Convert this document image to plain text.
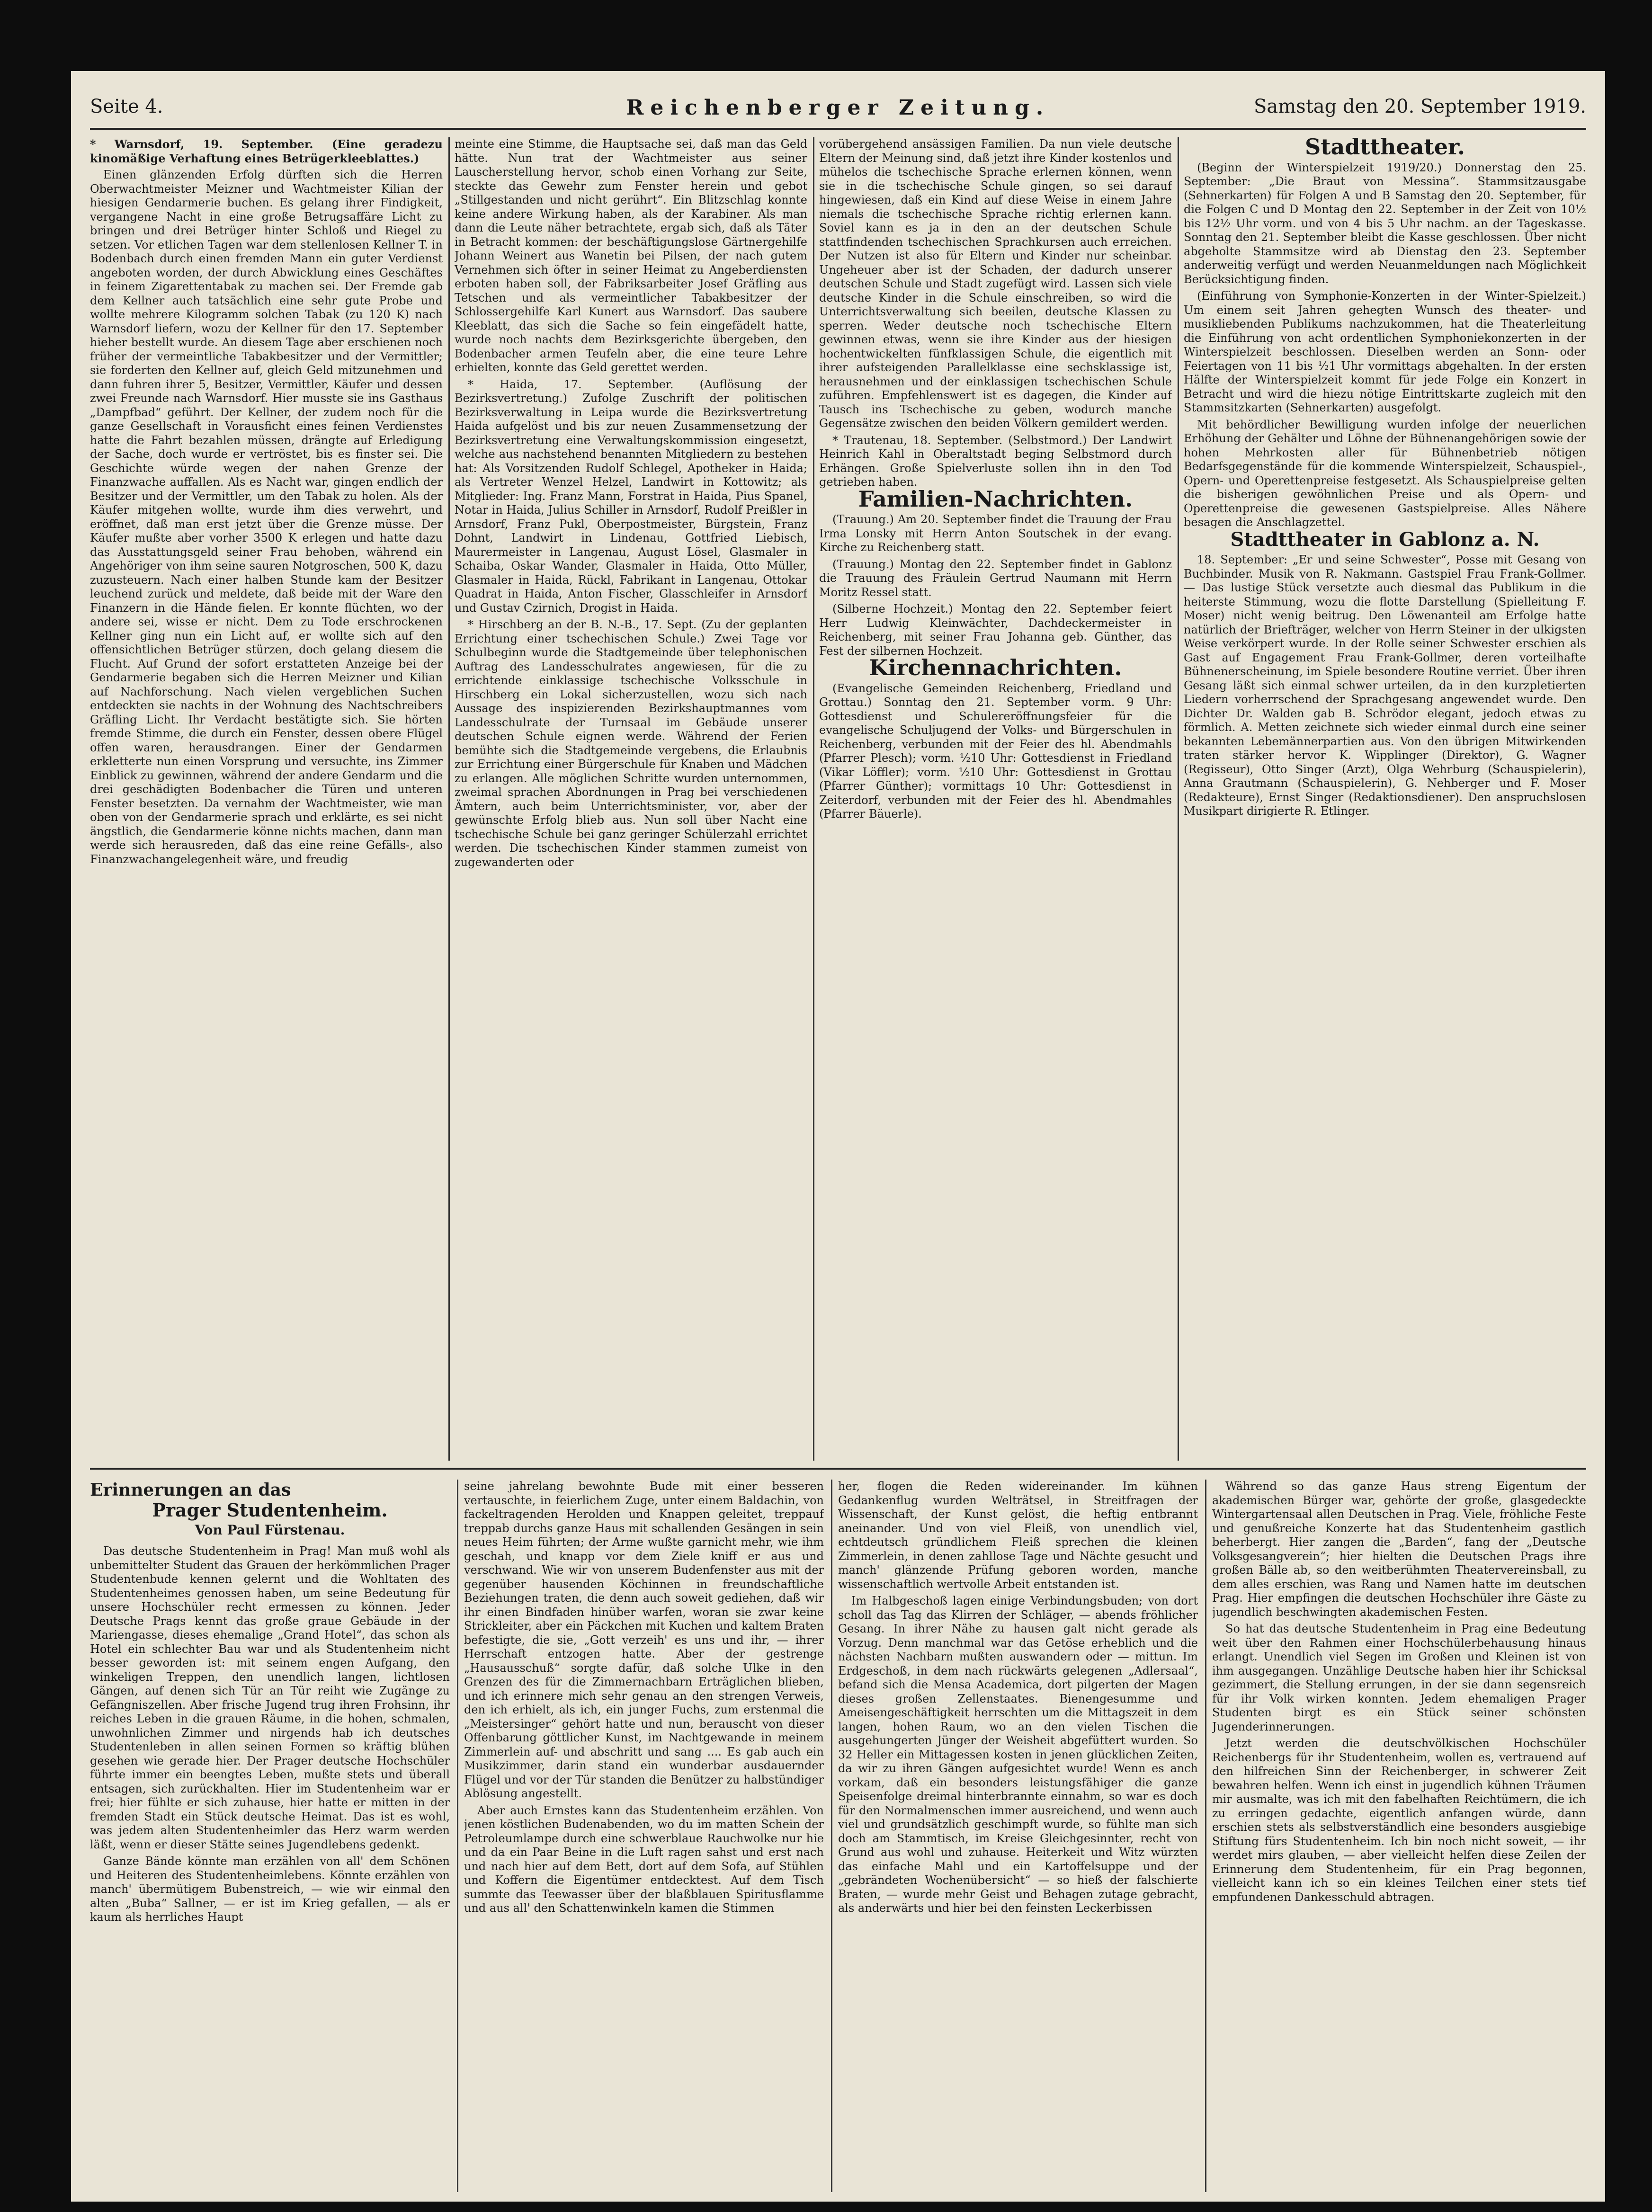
Seite 4.	Reichenberger Zeitung.	Samstag den 20. September 1919.

* Warnsdorf, 19. September. (Eine geradezu kinomäßige Verhaftung eines Betrügerkleeblattes.)

Einen glänzenden Erfolg dürften sich die Herren Oberwachtmeister Meizner und Wachtmeister Kilian der hiesigen Gendarmerie buchen. Es gelang ihrer Findigkeit, vergangene Nacht in eine große Betrugsaffäre Licht zu bringen und drei Betrüger hinter Schloß und Riegel zu setzen. Vor etlichen Tagen war dem stellenlosen Kellner T. in Bodenbach durch einen fremden Mann ein guter Verdienst angeboten worden, der durch Abwicklung eines Geschäftes in feinem Zigarettentabak zu machen sei. Der Fremde gab dem Kellner auch tatsächlich eine sehr gute Probe und wollte mehrere Kilogramm solchen Tabak (zu 120 K) nach Warnsdorf liefern, wozu der Kellner für den 17. September hieher bestellt wurde. An diesem Tage aber erschienen noch früher der vermeintliche Tabakbesitzer und der Vermittler; sie forderten den Kellner auf, gleich Geld mitzunehmen und dann fuhren ihrer 5, Besitzer, Vermittler, Käufer und dessen zwei Freunde nach Warnsdorf. Hier musste sie ins Gasthaus „Dampfbad“ geführt. Der Kellner, der zudem noch für die ganze Gesellschaft in Vorausficht eines feinen Verdienstes hatte die Fahrt bezahlen müssen, drängte auf Erledigung der Sache, doch wurde er vertröstet, bis es finster sei. Die Geschichte würde wegen der nahen Grenze der Finanzwache auffallen. Als es Nacht war, gingen endlich der Besitzer und der Vermittler, um den Tabak zu holen. Als der Käufer mitgehen wollte, wurde ihm dies verwehrt, und eröffnet, daß man erst jetzt über die Grenze müsse. Der Käufer mußte aber vorher 3500 K erlegen und hatte dazu das Ausstattungsgeld seiner Frau behoben, während ein Angehöriger von ihm seine sauren Notgroschen, 500 K, dazu zuzusteuern. Nach einer halben Stunde kam der Besitzer leuchend zurück und meldete, daß beide mit der Ware den Finanzern in die Hände fielen. Er konnte flüchten, wo der andere sei, wisse er nicht. Dem zu Tode erschrockenen Kellner ging nun ein Licht auf, er wollte sich auf den offensichtlichen Betrüger stürzen, doch gelang diesem die Flucht. Auf Grund der sofort erstatteten Anzeige bei der Gendarmerie begaben sich die Herren Meizner und Kilian auf Nachforschung. Nach vielen vergeblichen Suchen entdeckten sie nachts in der Wohnung des Nachtschreibers Gräfling Licht. Ihr Verdacht bestätigte sich. Sie hörten fremde Stimme, die durch ein Fenster, dessen obere Flügel offen waren, herausdrangen. Einer der Gendarmen erkletterte nun einen Vorsprung und versuchte, ins Zimmer Einblick zu gewinnen, während der andere Gendarm und die drei geschädigten Bodenbacher die Türen und unteren Fenster besetzten. Da vernahm der Wachtmeister, wie man oben von der Gendarmerie sprach und erklärte, es sei nicht ängstlich, die Gendarmerie könne nichts machen, dann man werde sich herausreden, daß das eine reine Gefälls-, also Finanzwachangelegenheit wäre, und freudig

meinte eine Stimme, die Hauptsache sei, daß man das Geld hätte. Nun trat der Wachtmeister aus seiner Lauscherstellung hervor, schob einen Vorhang zur Seite, steckte das Gewehr zum Fenster herein und gebot „Stillgestanden und nicht gerührt“. Ein Blitzschlag konnte keine andere Wirkung haben, als der Karabiner. Als man dann die Leute näher betrachtete, ergab sich, daß als Täter in Betracht kommen: der beschäftigungslose Gärtnergehilfe Johann Weinert aus Wanetin bei Pilsen, der nach gutem Vernehmen sich öfter in seiner Heimat zu Angeberdiensten erboten haben soll, der Fabriksarbeiter Josef Gräfling aus Tetschen und als vermeintlicher Tabakbesitzer der Schlossergehilfe Karl Kunert aus Warnsdorf. Das saubere Kleeblatt, das sich die Sache so fein eingefädelt hatte, wurde noch nachts dem Bezirksgerichte übergeben, den Bodenbacher armen Teufeln aber, die eine teure Lehre erhielten, konnte das Geld gerettet werden.

* Haida, 17. September. (Auflösung der Bezirksvertretung.) Zufolge Zuschrift der politischen Bezirksverwaltung in Leipa wurde die Bezirksvertretung Haida aufgelöst und bis zur neuen Zusammensetzung der Bezirksvertretung eine Verwaltungskommission eingesetzt, welche aus nachstehend benannten Mitgliedern zu bestehen hat: Als Vorsitzenden Rudolf Schlegel, Apotheker in Haida; als Vertreter Wenzel Helzel, Landwirt in Kottowitz; als Mitglieder: Ing. Franz Mann, Forstrat in Haida, Pius Spanel, Notar in Haida, Julius Schiller in Arnsdorf, Rudolf Preißler in Arnsdorf, Franz Pukl, Oberpostmeister, Bürgstein, Franz Dohnt, Landwirt in Lindenau, Gottfried Liebisch, Maurermeister in Langenau, August Lösel, Glasmaler in Schaiba, Oskar Wander, Glasmaler in Haida, Otto Müller, Glasmaler in Haida, Rückl, Fabrikant in Langenau, Ottokar Quadrat in Haida, Anton Fischer, Glasschleifer in Arnsdorf und Gustav Czirnich, Drogist in Haida.

* Hirschberg an der B. N.-B., 17. Sept. (Zu der geplanten Errichtung einer tschechischen Schule.) Zwei Tage vor Schulbeginn wurde die Stadtgemeinde über telephonischen Auftrag des Landesschulrates angewiesen, für die zu errichtende einklassige tschechische Volksschule in Hirschberg ein Lokal sicherzustellen, wozu sich nach Aussage des inspizierenden Bezirkshauptmannes vom Landesschulrate der Turnsaal im Gebäude unserer deutschen Schule eignen werde. Während der Ferien bemühte sich die Stadtgemeinde vergebens, die Erlaubnis zur Errichtung einer Bürgerschule für Knaben und Mädchen zu erlangen. Alle möglichen Schritte wurden unternommen, zweimal sprachen Abordnungen in Prag bei verschiedenen Ämtern, auch beim Unterrichtsminister, vor, aber der gewünschte Erfolg blieb aus. Nun soll über Nacht eine tschechische Schule bei ganz geringer Schülerzahl errichtet werden. Die tschechischen Kinder stammen zumeist von zugewanderten oder

vorübergehend ansässigen Familien. Da nun viele deutsche Eltern der Meinung sind, daß jetzt ihre Kinder kostenlos und mühelos die tschechische Sprache erlernen können, wenn sie in die tschechische Schule gingen, so sei darauf hingewiesen, daß ein Kind auf diese Weise in einem Jahre niemals die tschechische Sprache richtig erlernen kann. Soviel kann es ja in den an der deutschen Schule stattfindenden tschechischen Sprachkursen auch erreichen. Der Nutzen ist also für Eltern und Kinder nur scheinbar. Ungeheuer aber ist der Schaden, der dadurch unserer deutschen Schule und Stadt zugefügt wird. Lassen sich viele deutsche Kinder in die Schule einschreiben, so wird die Unterrichtsverwaltung sich beeilen, deutsche Klassen zu sperren. Weder deutsche noch tschechische Eltern gewinnen etwas, wenn sie ihre Kinder aus der hiesigen hochentwickelten fünfklassigen Schule, die eigentlich mit ihrer aufsteigenden Parallelklasse eine sechsklassige ist, herausnehmen und der einklassigen tschechischen Schule zuführen. Empfehlenswert ist es dagegen, die Kinder auf Tausch ins Tschechische zu geben, wodurch manche Gegensätze zwischen den beiden Völkern gemildert werden.

* Trautenau, 18. September. (Selbstmord.) Der Landwirt Heinrich Kahl in Oberaltstadt beging Selbstmord durch Erhängen. Große Spielverluste sollen ihn in den Tod getrieben haben.

Familien-Nachrichten.

(Trauung.) Am 20. September findet die Trauung der Frau Irma Lonsky mit Herrn Anton Soutschek in der evang. Kirche zu Reichenberg statt.

(Trauung.) Montag den 22. September findet in Gablonz die Trauung des Fräulein Gertrud Naumann mit Herrn Moritz Ressel statt.

(Silberne Hochzeit.) Montag den 22. September feiert Herr Ludwig Kleinwächter, Dachdeckermeister in Reichenberg, mit seiner Frau Johanna geb. Günther, das Fest der silbernen Hochzeit.

Kirchennachrichten.

(Evangelische Gemeinden Reichenberg, Friedland und Grottau.) Sonntag den 21. September vorm. 9 Uhr: Gottesdienst und Schulereröffnungsfeier für die evangelische Schuljugend der Volks- und Bürgerschulen in Reichenberg, verbunden mit der Feier des hl. Abendmahls (Pfarrer Plesch); vorm. ½10 Uhr: Gottesdienst in Friedland (Vikar Löffler); vorm. ½10 Uhr: Gottesdienst in Grottau (Pfarrer Günther); vormittags 10 Uhr: Gottesdienst in Zeiterdorf, verbunden mit der Feier des hl. Abendmahles (Pfarrer Bäuerle).

Stadttheater.

(Beginn der Winterspielzeit 1919/20.) Donnerstag den 25. September: „Die Braut von Messina“. Stammsitzausgabe (Sehnerkarten) für Folgen A und B Samstag den 20. September, für die Folgen C und D Montag den 22. September in der Zeit von 10½ bis 12½ Uhr vorm. und von 4 bis 5 Uhr nachm. an der Tageskasse. Sonntag den 21. September bleibt die Kasse geschlossen. Über nicht abgeholte Stammsitze wird ab Dienstag den 23. September anderweitig verfügt und werden Neuanmeldungen nach Möglichkeit Berücksichtigung finden.

(Einführung von Symphonie-Konzerten in der Winter-Spielzeit.) Um einem seit Jahren gehegten Wunsch des theater- und musikliebenden Publikums nachzukommen, hat die Theaterleitung die Einführung von acht ordentlichen Symphoniekonzerten in der Winterspielzeit beschlossen. Dieselben werden an Sonn- oder Feiertagen von 11 bis ½1 Uhr vormittags abgehalten. In der ersten Hälfte der Winterspielzeit kommt für jede Folge ein Konzert in Betracht und wird die hiezu nötige Eintrittskarte zugleich mit den Stammsitzkarten (Sehnerkarten) ausgefolgt.

Mit behördlicher Bewilligung wurden infolge der neuerlichen Erhöhung der Gehälter und Löhne der Bühnenangehörigen sowie der hohen Mehrkosten aller für Bühnenbetrieb nötigen Bedarfsgegenstände für die kommende Winterspielzeit, Schauspiel-, Opern- und Operettenpreise festgesetzt. Als Schauspielpreise gelten die bisherigen gewöhnlichen Preise und als Opern- und Operettenpreise die gewesenen Gastspielpreise. Alles Nähere besagen die Anschlagzettel.

Stadttheater in Gablonz a. N.

18. September: „Er und seine Schwester“, Posse mit Gesang von Buchbinder. Musik von R. Nakmann. Gastspiel Frau Frank-Gollmer. — Das lustige Stück versetzte auch diesmal das Publikum in die heiterste Stimmung, wozu die flotte Darstellung (Spielleitung F. Moser) nicht wenig beitrug. Den Löwenanteil am Erfolge hatte natürlich der Briefträger, welcher von Herrn Steiner in der ulkigsten Weise verkörpert wurde. In der Rolle seiner Schwester erschien als Gast auf Engagement Frau Frank-Gollmer, deren vorteilhafte Bühnenerscheinung, im Spiele besondere Routine verriet. Über ihren Gesang läßt sich einmal schwer urteilen, da in den kurzpletierten Liedern vorherrschend der Sprachgesang angewendet wurde. Den Dichter Dr. Walden gab B. Schrödor elegant, jedoch etwas zu förmlich. A. Metten zeichnete sich wieder einmal durch eine seiner bekannten Lebemännerpartien aus. Von den übrigen Mitwirkenden traten stärker hervor K. Wipplinger (Direktor), G. Wagner (Regisseur), Otto Singer (Arzt), Olga Wehrburg (Schauspielerin), Anna Grautmann (Schauspielerin), G. Nehberger und F. Moser (Redakteure), Ernst Singer (Redaktionsdiener). Den anspruchslosen Musikpart dirigierte R. Etlinger.

Erinnerungen an das
Prager Studentenheim.
Von Paul Fürstenau.

Das deutsche Studentenheim in Prag! Man muß wohl als unbemittelter Student das Grauen der herkömmlichen Prager Studentenbude kennen gelernt und die Wohltaten des Studentenheimes genossen haben, um seine Bedeutung für unsere Hochschüler recht ermessen zu können. Jeder Deutsche Prags kennt das große graue Gebäude in der Mariengasse, dieses ehemalige „Grand Hotel“, das schon als Hotel ein schlechter Bau war und als Studentenheim nicht besser geworden ist: mit seinem engen Aufgang, den winkeligen Treppen, den unendlich langen, lichtlosen Gängen, auf denen sich Tür an Tür reiht wie Zugänge zu Gefängniszellen. Aber frische Jugend trug ihren Frohsinn, ihr reiches Leben in die grauen Räume, in die hohen, schmalen, unwohnlichen Zimmer und nirgends hab ich deutsches Studentenleben in allen seinen Formen so kräftig blühen gesehen wie gerade hier. Der Prager deutsche Hochschüler führte immer ein beengtes Leben, mußte stets und überall entsagen, sich zurückhalten. Hier im Studentenheim war er frei; hier fühlte er sich zuhause, hier hatte er mitten in der fremden Stadt ein Stück deutsche Heimat. Das ist es wohl, was jedem alten Studentenheimler das Herz warm werden läßt, wenn er dieser Stätte seines Jugendlebens gedenkt.

Ganze Bände könnte man erzählen von all' dem Schönen und Heiteren des Studentenheimlebens. Könnte erzählen von manch' übermütigem Bubenstreich, — wie wir einmal den alten „Buba“ Sallner, — er ist im Krieg gefallen, — als er kaum als herrliches Haupt

seine jahrelang bewohnte Bude mit einer besseren vertauschte, in feierlichem Zuge, unter einem Baldachin, von fackeltragenden Herolden und Knappen geleitet, treppauf treppab durchs ganze Haus mit schallenden Gesängen in sein neues Heim führten; der Arme wußte garnicht mehr, wie ihm geschah, und knapp vor dem Ziele kniff er aus und verschwand. Wie wir von unserem Budenfenster aus mit der gegenüber hausenden Köchinnen in freundschaftliche Beziehungen traten, die denn auch soweit gediehen, daß wir ihr einen Bindfaden hinüber warfen, woran sie zwar keine Strickleiter, aber ein Päckchen mit Kuchen und kaltem Braten befestigte, die sie, „Gott verzeih' es uns und ihr, — ihrer Herrschaft entzogen hatte. Aber der gestrenge „Hausausschuß“ sorgte dafür, daß solche Ulke in den Grenzen des für die Zimmernachbarn Erträglichen blieben, und ich erinnere mich sehr genau an den strengen Verweis, den ich erhielt, als ich, ein junger Fuchs, zum erstenmal die „Meistersinger“ gehört hatte und nun, berauscht von dieser Offenbarung göttlicher Kunst, im Nachtgewande in meinem Zimmerlein auf- und abschritt und sang .... Es gab auch ein Musikzimmer, darin stand ein wunderbar ausdauernder Flügel und vor der Tür standen die Benützer zu halbstündiger Ablösung angestellt.

Aber auch Ernstes kann das Studentenheim erzählen. Von jenen köstlichen Budenabenden, wo du im matten Schein der Petroleumlampe durch eine schwerblaue Rauchwolke nur hie und da ein Paar Beine in die Luft ragen sahst und erst nach und nach hier auf dem Bett, dort auf dem Sofa, auf Stühlen und Koffern die Eigentümer entdecktest. Auf dem Tisch summte das Teewasser über der blaßblauen Spiritusflamme und aus all' den Schattenwinkeln kamen die Stimmen

her, flogen die Reden widereinander. Im kühnen Gedankenflug wurden Welträtsel, in Streitfragen der Wissenschaft, der Kunst gelöst, die heftig entbrannt aneinander. Und von viel Fleiß, von unendlich viel, echtdeutsch gründlichem Fleiß sprechen die kleinen Zimmerlein, in denen zahllose Tage und Nächte gesucht und manch' glänzende Prüfung geboren worden, manche wissenschaftlich wertvolle Arbeit entstanden ist.

Im Halbgeschoß lagen einige Verbindungsbuden; von dort scholl das Tag das Klirren der Schläger, — abends fröhlicher Gesang. In ihrer Nähe zu hausen galt nicht gerade als Vorzug. Denn manchmal war das Getöse erheblich und die nächsten Nachbarn mußten auswandern oder — mittun. Im Erdgeschoß, in dem nach rückwärts gelegenen „Adlersaal“, befand sich die Mensa Academica, dort pilgerten der Magen dieses großen Zellenstaates. Bienengesumme und Ameisengeschäftigkeit herrschten um die Mittagszeit in dem langen, hohen Raum, wo an den vielen Tischen die ausgehungerten Jünger der Weisheit abgefüttert wurden. So 32 Heller ein Mittagessen kosten in jenen glücklichen Zeiten, da wir zu ihren Gängen aufgesichtet wurde! Wenn es anch vorkam, daß ein besonders leistungsfähiger die ganze Speisenfolge dreimal hinterbrannte einnahm, so war es doch für den Normalmenschen immer ausreichend, und wenn auch viel und grundsätzlich geschimpft wurde, so fühlte man sich doch am Stammtisch, im Kreise Gleichgesinnter, recht von Grund aus wohl und zuhause. Heiterkeit und Witz würzten das einfache Mahl und ein Kartoffelsuppe und der „gebrändeten Wochenübersicht“ — so hieß der falschierte Braten, — wurde mehr Geist und Behagen zutage gebracht, als anderwärts und hier bei den feinsten Leckerbissen

Während so das ganze Haus streng Eigentum der akademischen Bürger war, gehörte der große, glasgedeckte Wintergartensaal allen Deutschen in Prag. Viele, fröhliche Feste und genußreiche Konzerte hat das Studentenheim gastlich beherbergt. Hier zangen die „Barden“, fang der „Deutsche Volksgesangverein“; hier hielten die Deutschen Prags ihre großen Bälle ab, so den weitberühmten Theatervereinsball, zu dem alles erschien, was Rang und Namen hatte im deutschen Prag. Hier empfingen die deutschen Hochschüler ihre Gäste zu jugendlich beschwingten akademischen Festen.

So hat das deutsche Studentenheim in Prag eine Bedeutung weit über den Rahmen einer Hochschülerbehausung hinaus erlangt. Unendlich viel Segen im Großen und Kleinen ist von ihm ausgegangen. Unzählige Deutsche haben hier ihr Schicksal gezimmert, die Stellung errungen, in der sie dann segensreich für ihr Volk wirken konnten. Jedem ehemaligen Prager Studenten birgt es ein Stück seiner schönsten Jugenderinnerungen.

Jetzt werden die deutschvölkischen Hochschüler Reichenbergs für ihr Studentenheim, wollen es, vertrauend auf den hilfreichen Sinn der Reichenberger, in schwerer Zeit bewahren helfen. Wenn ich einst in jugendlich kühnen Träumen mir ausmalte, was ich mit den fabelhaften Reichtümern, die ich zu erringen gedachte, eigentlich anfangen würde, dann erschien stets als selbstverständlich eine besonders ausgiebige Stiftung fürs Studentenheim. Ich bin noch nicht soweit, — ihr werdet mirs glauben, — aber vielleicht helfen diese Zeilen der Erinnerung dem Studentenheim, für ein Prag begonnen, vielleicht kann ich so ein kleines Teilchen einer stets tief empfundenen Dankesschuld abtragen.
